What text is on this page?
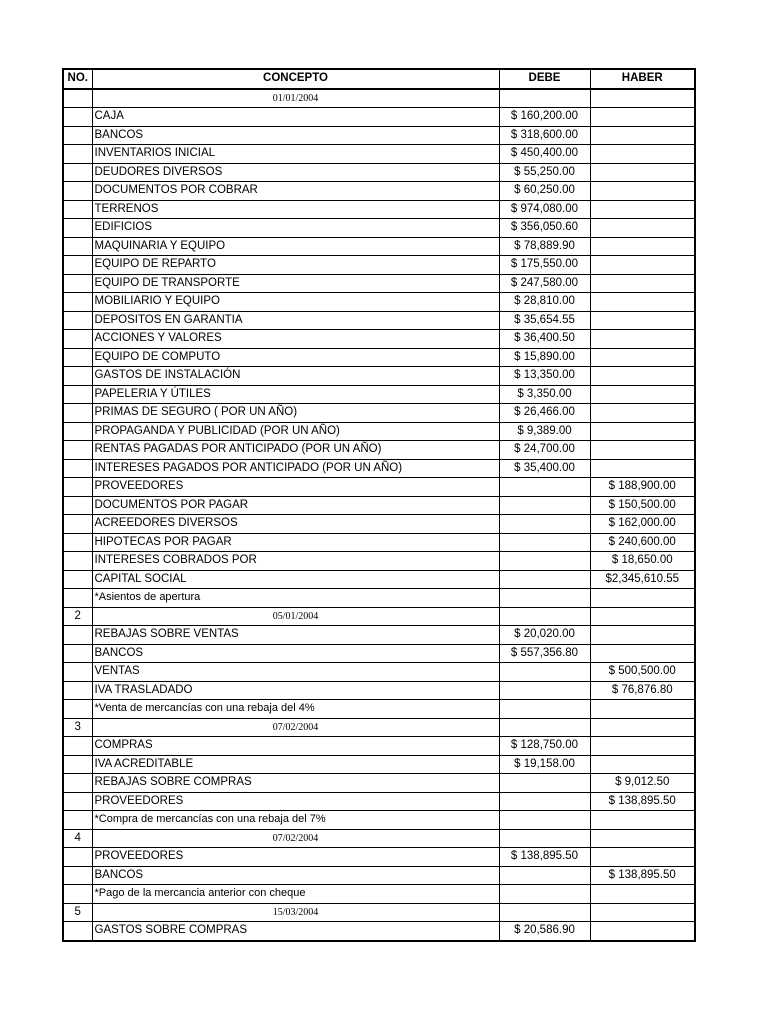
NO.	CONCEPTO	DEBE	HABER
	01/01/2004		
	CAJA	$ 160,200.00	
	BANCOS	$ 318,600.00	
	INVENTARIOS INICIAL	$ 450,400.00	
	DEUDORES DIVERSOS	$ 55,250.00	
	DOCUMENTOS POR COBRAR	$ 60,250.00	
	TERRENOS	$ 974,080.00	
	EDIFICIOS	$ 356,050.60	
	MAQUINARIA Y EQUIPO	$ 78,889.90	
	EQUIPO DE REPARTO	$ 175,550.00	
	EQUIPO DE TRANSPORTE	$ 247,580.00	
	MOBILIARIO Y EQUIPO	$ 28,810.00	
	DEPOSITOS EN GARANTIA	$ 35,654.55	
	ACCIONES Y VALORES	$ 36,400.50	
	EQUIPO DE COMPUTO	$ 15,890.00	
	GASTOS DE INSTALACIÓN	$ 13,350.00	
	PAPELERIA Y ÚTILES	$ 3,350.00	
	PRIMAS DE SEGURO ( POR UN AÑO)	$ 26,466.00	
	PROPAGANDA Y PUBLICIDAD (POR UN AÑO)	$ 9,389.00	
	RENTAS PAGADAS POR ANTICIPADO (POR UN AÑO)	$ 24,700.00	
	INTERESES PAGADOS POR ANTICIPADO (POR UN AÑO)	$ 35,400.00	
	PROVEEDORES		$ 188,900.00
	DOCUMENTOS POR PAGAR		$ 150,500.00
	ACREEDORES DIVERSOS		$ 162,000.00
	HIPOTECAS POR PAGAR		$ 240,600.00
	INTERESES COBRADOS POR		$ 18,650.00
	CAPITAL SOCIAL		$2,345,610.55
	*Asientos de apertura		
2	05/01/2004		
	REBAJAS SOBRE VENTAS	$ 20,020.00	
	BANCOS	$ 557,356.80	
	VENTAS		$ 500,500.00
	IVA TRASLADADO		$ 76,876.80
	*Venta de mercancías con una rebaja del 4%		
3	07/02/2004		
	COMPRAS	$ 128,750.00	
	IVA ACREDITABLE	$ 19,158.00	
	REBAJAS SOBRE COMPRAS		$ 9,012.50
	PROVEEDORES		$ 138,895.50
	*Compra de mercancías con una rebaja del 7%		
4	07/02/2004		
	PROVEEDORES	$ 138,895.50	
	BANCOS		$ 138,895.50
	*Pago de la mercancia anterior con cheque		
5	15/03/2004		
	GASTOS SOBRE COMPRAS	$ 20,586.90	
